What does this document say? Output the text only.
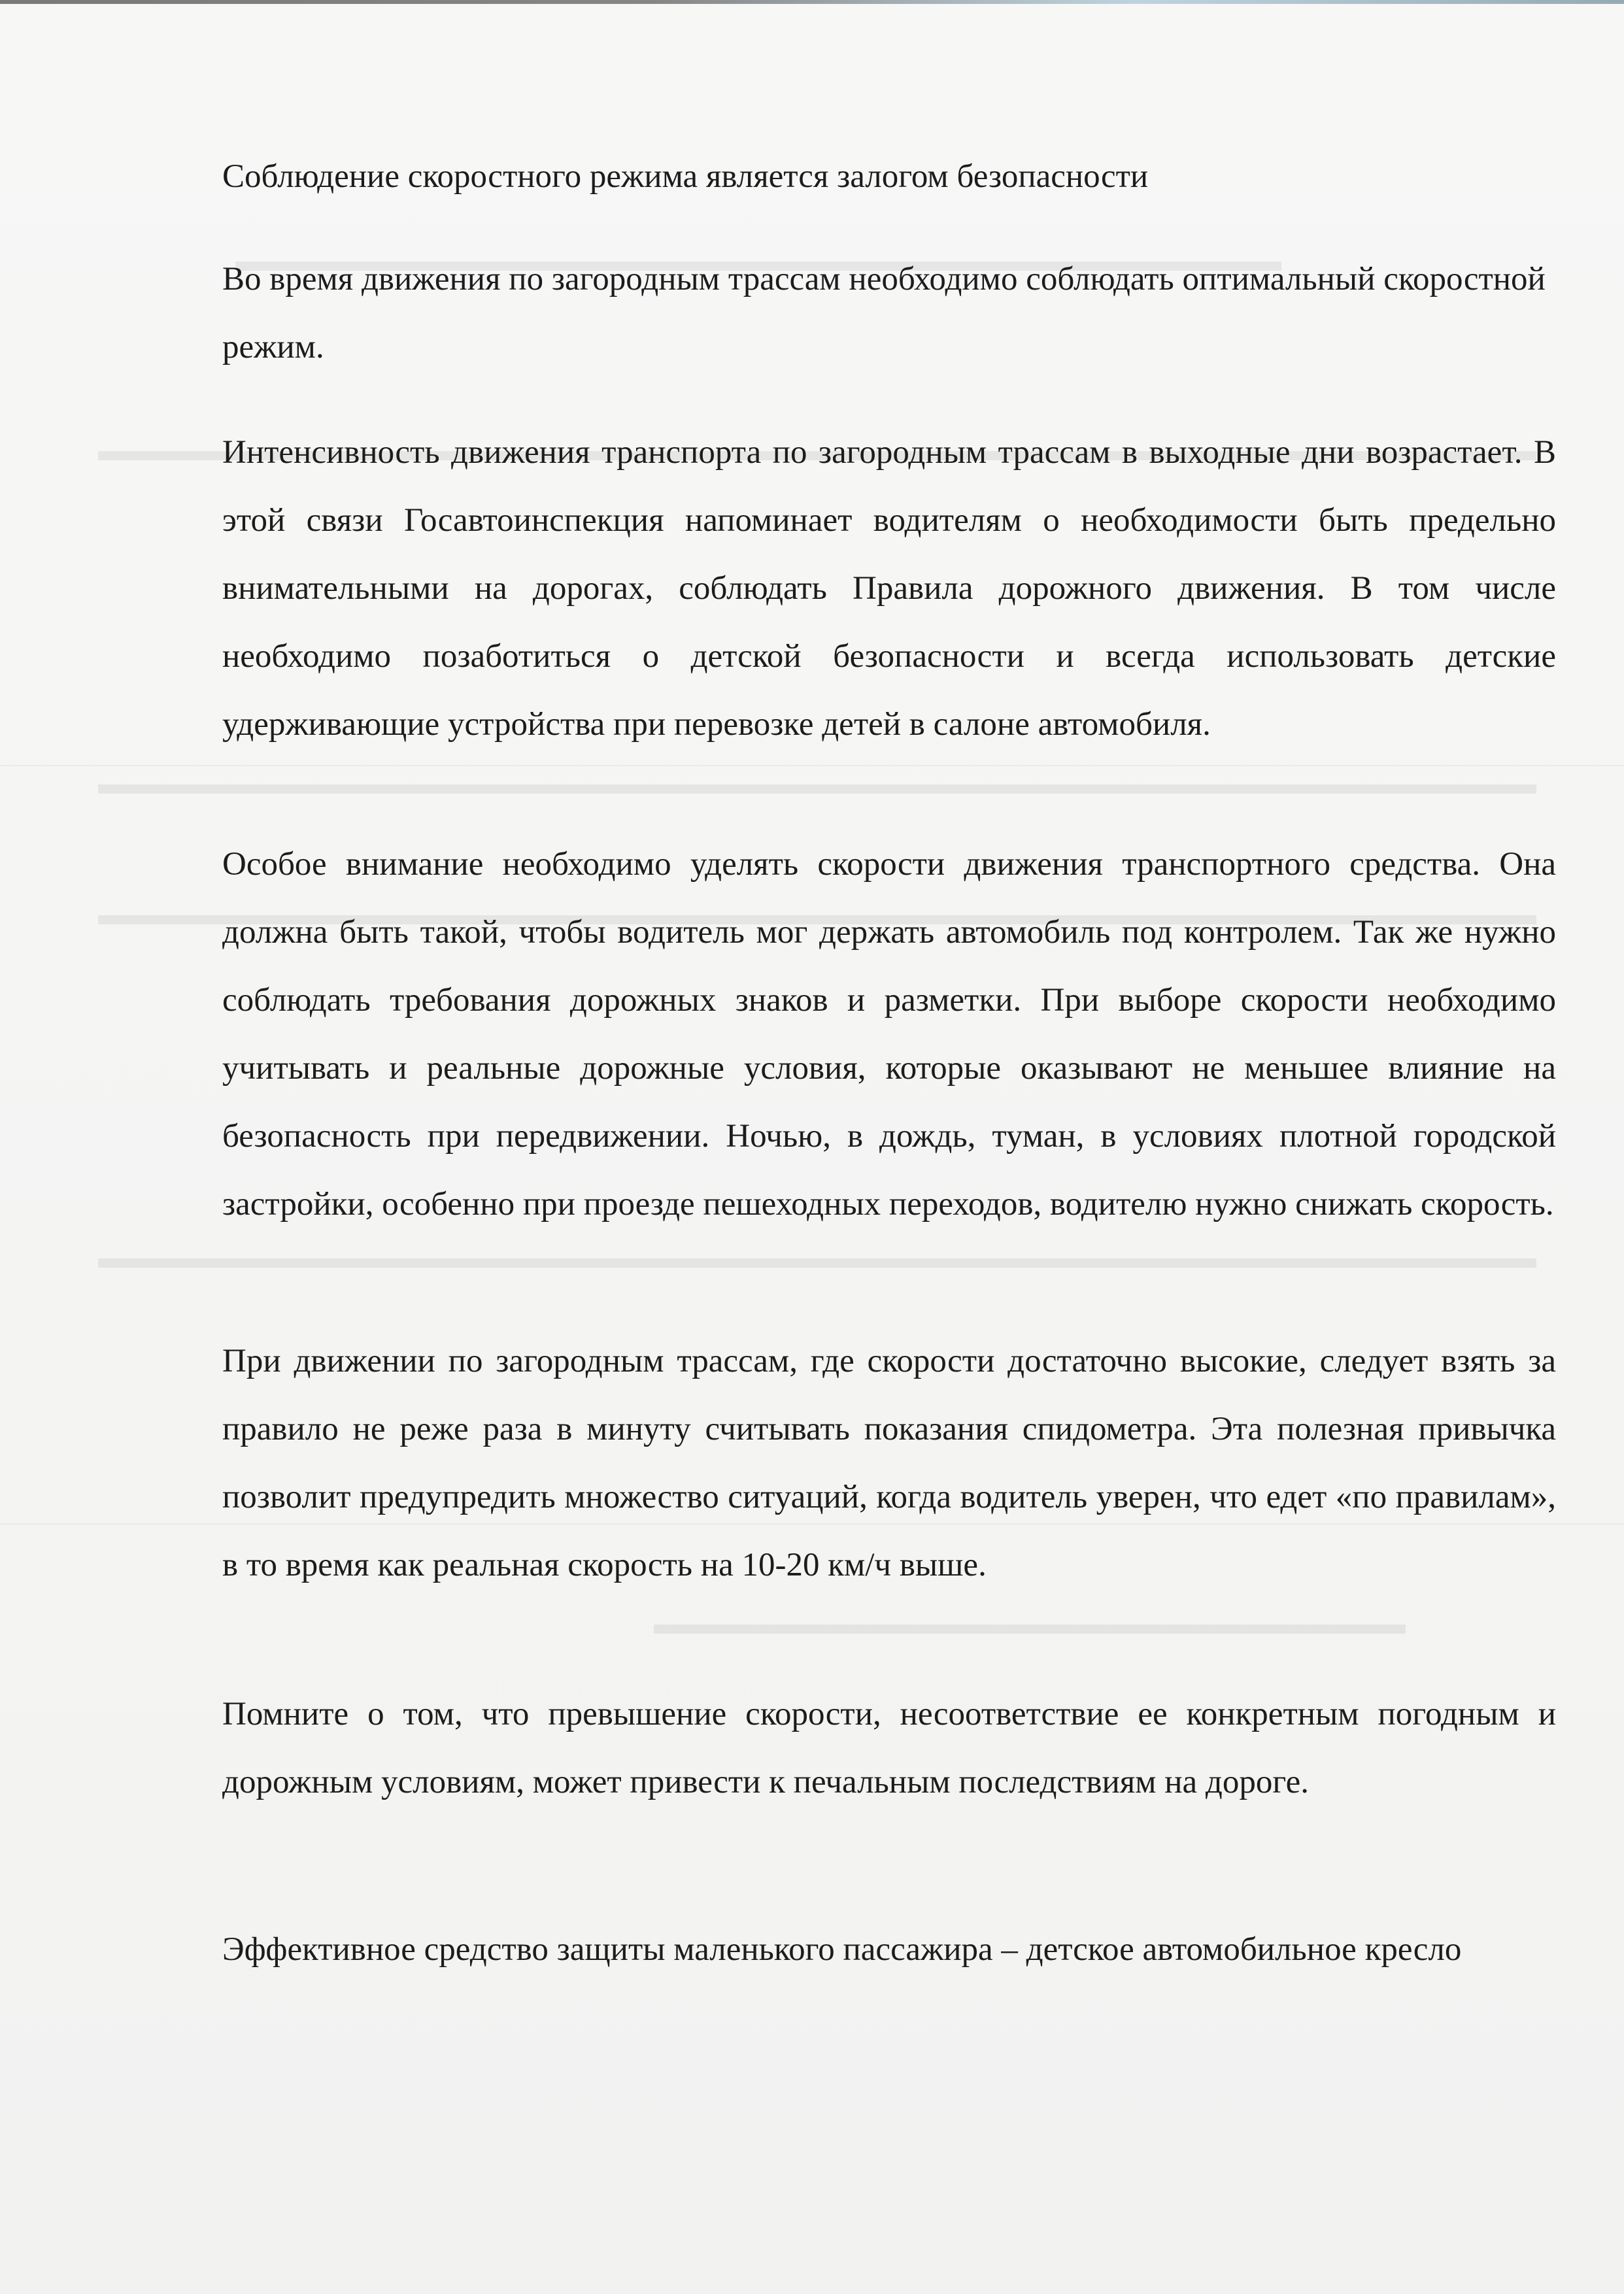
Соблюдение скоростного режима является залогом безопасности

Во время движения по загородным трассам необходимо соблюдать оптимальный скоростной режим.

Интенсивность движения транспорта по загородным трассам в выходные дни возрастает. В этой связи Госавтоинспекция напоминает водителям о необходимости быть предельно внимательными на дорогах, соблюдать Правила дорожного движения. В том числе необходимо позаботиться о детской безопасности и всегда использовать детские удерживающие устройства при перевозке детей в салоне автомобиля.

Особое внимание необходимо уделять скорости движения транспортного средства. Она должна быть такой, чтобы водитель мог держать автомобиль под контролем. Так же нужно соблюдать требования дорожных знаков и разметки. При выборе скорости необходимо учитывать и реальные дорожные условия, которые оказывают не меньшее влияние на безопасность при передвижении. Ночью, в дождь, туман, в условиях плотной городской застройки, особенно при проезде пешеходных переходов, водителю нужно снижать скорость.

При движении по загородным трассам, где скорости достаточно высокие, следует взять за правило не реже раза в минуту считывать показания спидометра. Эта полезная привычка позволит предупредить множество ситуаций, когда водитель уверен, что едет «по правилам», в то время как реальная скорость на 10-20 км/ч выше.

Помните о том, что превышение скорости, несоответствие ее конкретным погодным и дорожным условиям, может привести к печальным последствиям на дороге.

Эффективное средство защиты маленького пассажира – детское автомобильное кресло
